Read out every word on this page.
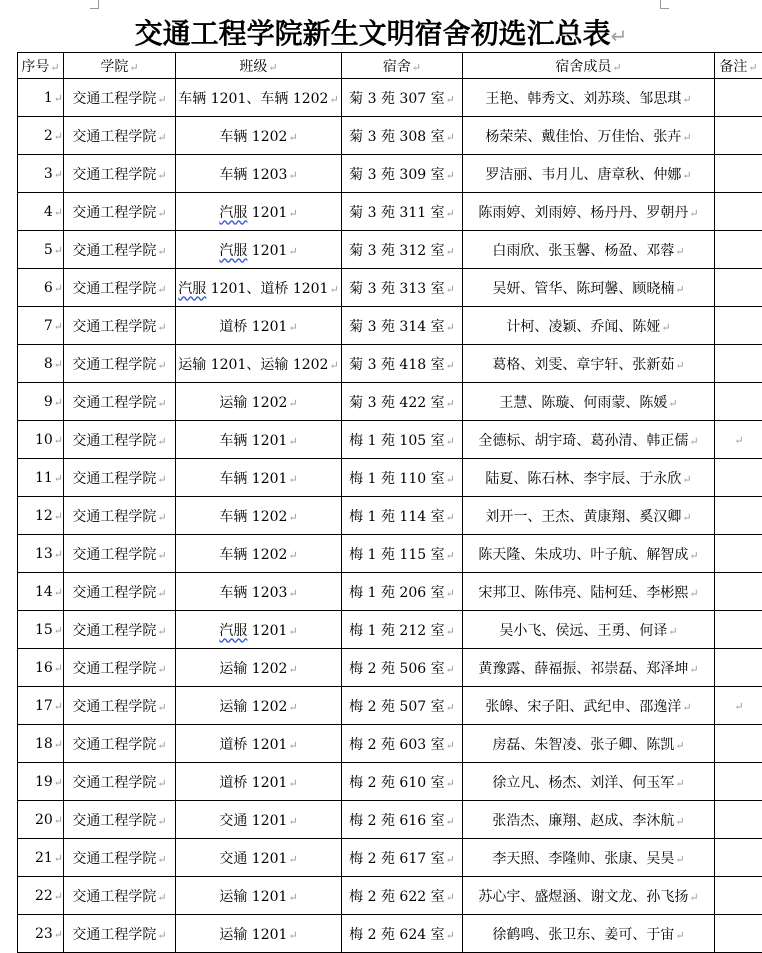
交通工程学院新生文明宿舍初选汇总表↵
序号↵	学院↵	班级↵	宿舍↵	宿舍成员↵	备注↵
1↵	交通工程学院↵	车辆 1201、车辆 1202↵	菊 3 苑 307 室↵	王艳、韩秀文、刘苏琰、邹思琪↵	
2↵	交通工程学院↵	车辆 1202↵	菊 3 苑 308 室↵	杨荣荣、戴佳怡、万佳怡、张卉↵	
3↵	交通工程学院↵	车辆 1203↵	菊 3 苑 309 室↵	罗洁丽、韦月儿、唐章秋、仲娜↵	
4↵	交通工程学院↵	汽服 1201↵	菊 3 苑 311 室↵	陈雨婷、刘雨婷、杨丹丹、罗朝丹↵	
5↵	交通工程学院↵	汽服 1201↵	菊 3 苑 312 室↵	白雨欣、张玉馨、杨盈、邓蓉↵	
6↵	交通工程学院↵	汽服 1201、道桥 1201↵	菊 3 苑 313 室↵	吴妍、管华、陈珂馨、顾晓楠↵	
7↵	交通工程学院↵	道桥 1201↵	菊 3 苑 314 室↵	计柯、凌颖、乔闻、陈娅↵	
8↵	交通工程学院↵	运输 1201、运输 1202↵	菊 3 苑 418 室↵	葛格、刘雯、章宇轩、张新茹↵	
9↵	交通工程学院↵	运输 1202↵	菊 3 苑 422 室↵	王慧、陈璇、何雨蒙、陈媛↵	
10↵	交通工程学院↵	车辆 1201↵	梅 1 苑 105 室↵	全德标、胡宇琦、葛孙清、韩正儒↵	↵
11↵	交通工程学院↵	车辆 1201↵	梅 1 苑 110 室↵	陆夏、陈石林、李宇辰、于永欣↵	
12↵	交通工程学院↵	车辆 1202↵	梅 1 苑 114 室↵	刘开一、王杰、黄康翔、奚汉卿↵	
13↵	交通工程学院↵	车辆 1202↵	梅 1 苑 115 室↵	陈天隆、朱成功、叶子航、解智成↵	
14↵	交通工程学院↵	车辆 1203↵	梅 1 苑 206 室↵	宋邦卫、陈伟亮、陆柯廷、李彬熙↵	
15↵	交通工程学院↵	汽服 1201↵	梅 1 苑 212 室↵	吴小飞、侯远、王勇、何译↵	
16↵	交通工程学院↵	运输 1202↵	梅 2 苑 506 室↵	黄豫露、薛福振、祁崇磊、郑泽坤↵	
17↵	交通工程学院↵	运输 1202↵	梅 2 苑 507 室↵	张皞、宋子阳、武纪申、邵逸洋↵	↵
18↵	交通工程学院↵	道桥 1201↵	梅 2 苑 603 室↵	房磊、朱智凌、张子卿、陈凯↵	
19↵	交通工程学院↵	道桥 1201↵	梅 2 苑 610 室↵	徐立凡、杨杰、刘洋、何玉军↵	
20↵	交通工程学院↵	交通 1201↵	梅 2 苑 616 室↵	张浩杰、廉翔、赵成、李沐航↵	
21↵	交通工程学院↵	交通 1201↵	梅 2 苑 617 室↵	李天照、李隆帅、张康、吴昊↵	
22↵	交通工程学院↵	运输 1201↵	梅 2 苑 622 室↵	苏心宇、盛煜涵、谢文龙、孙飞扬↵	
23↵	交通工程学院↵	运输 1201↵	梅 2 苑 624 室↵	徐鹤鸣、张卫东、姜可、于宙↵	
